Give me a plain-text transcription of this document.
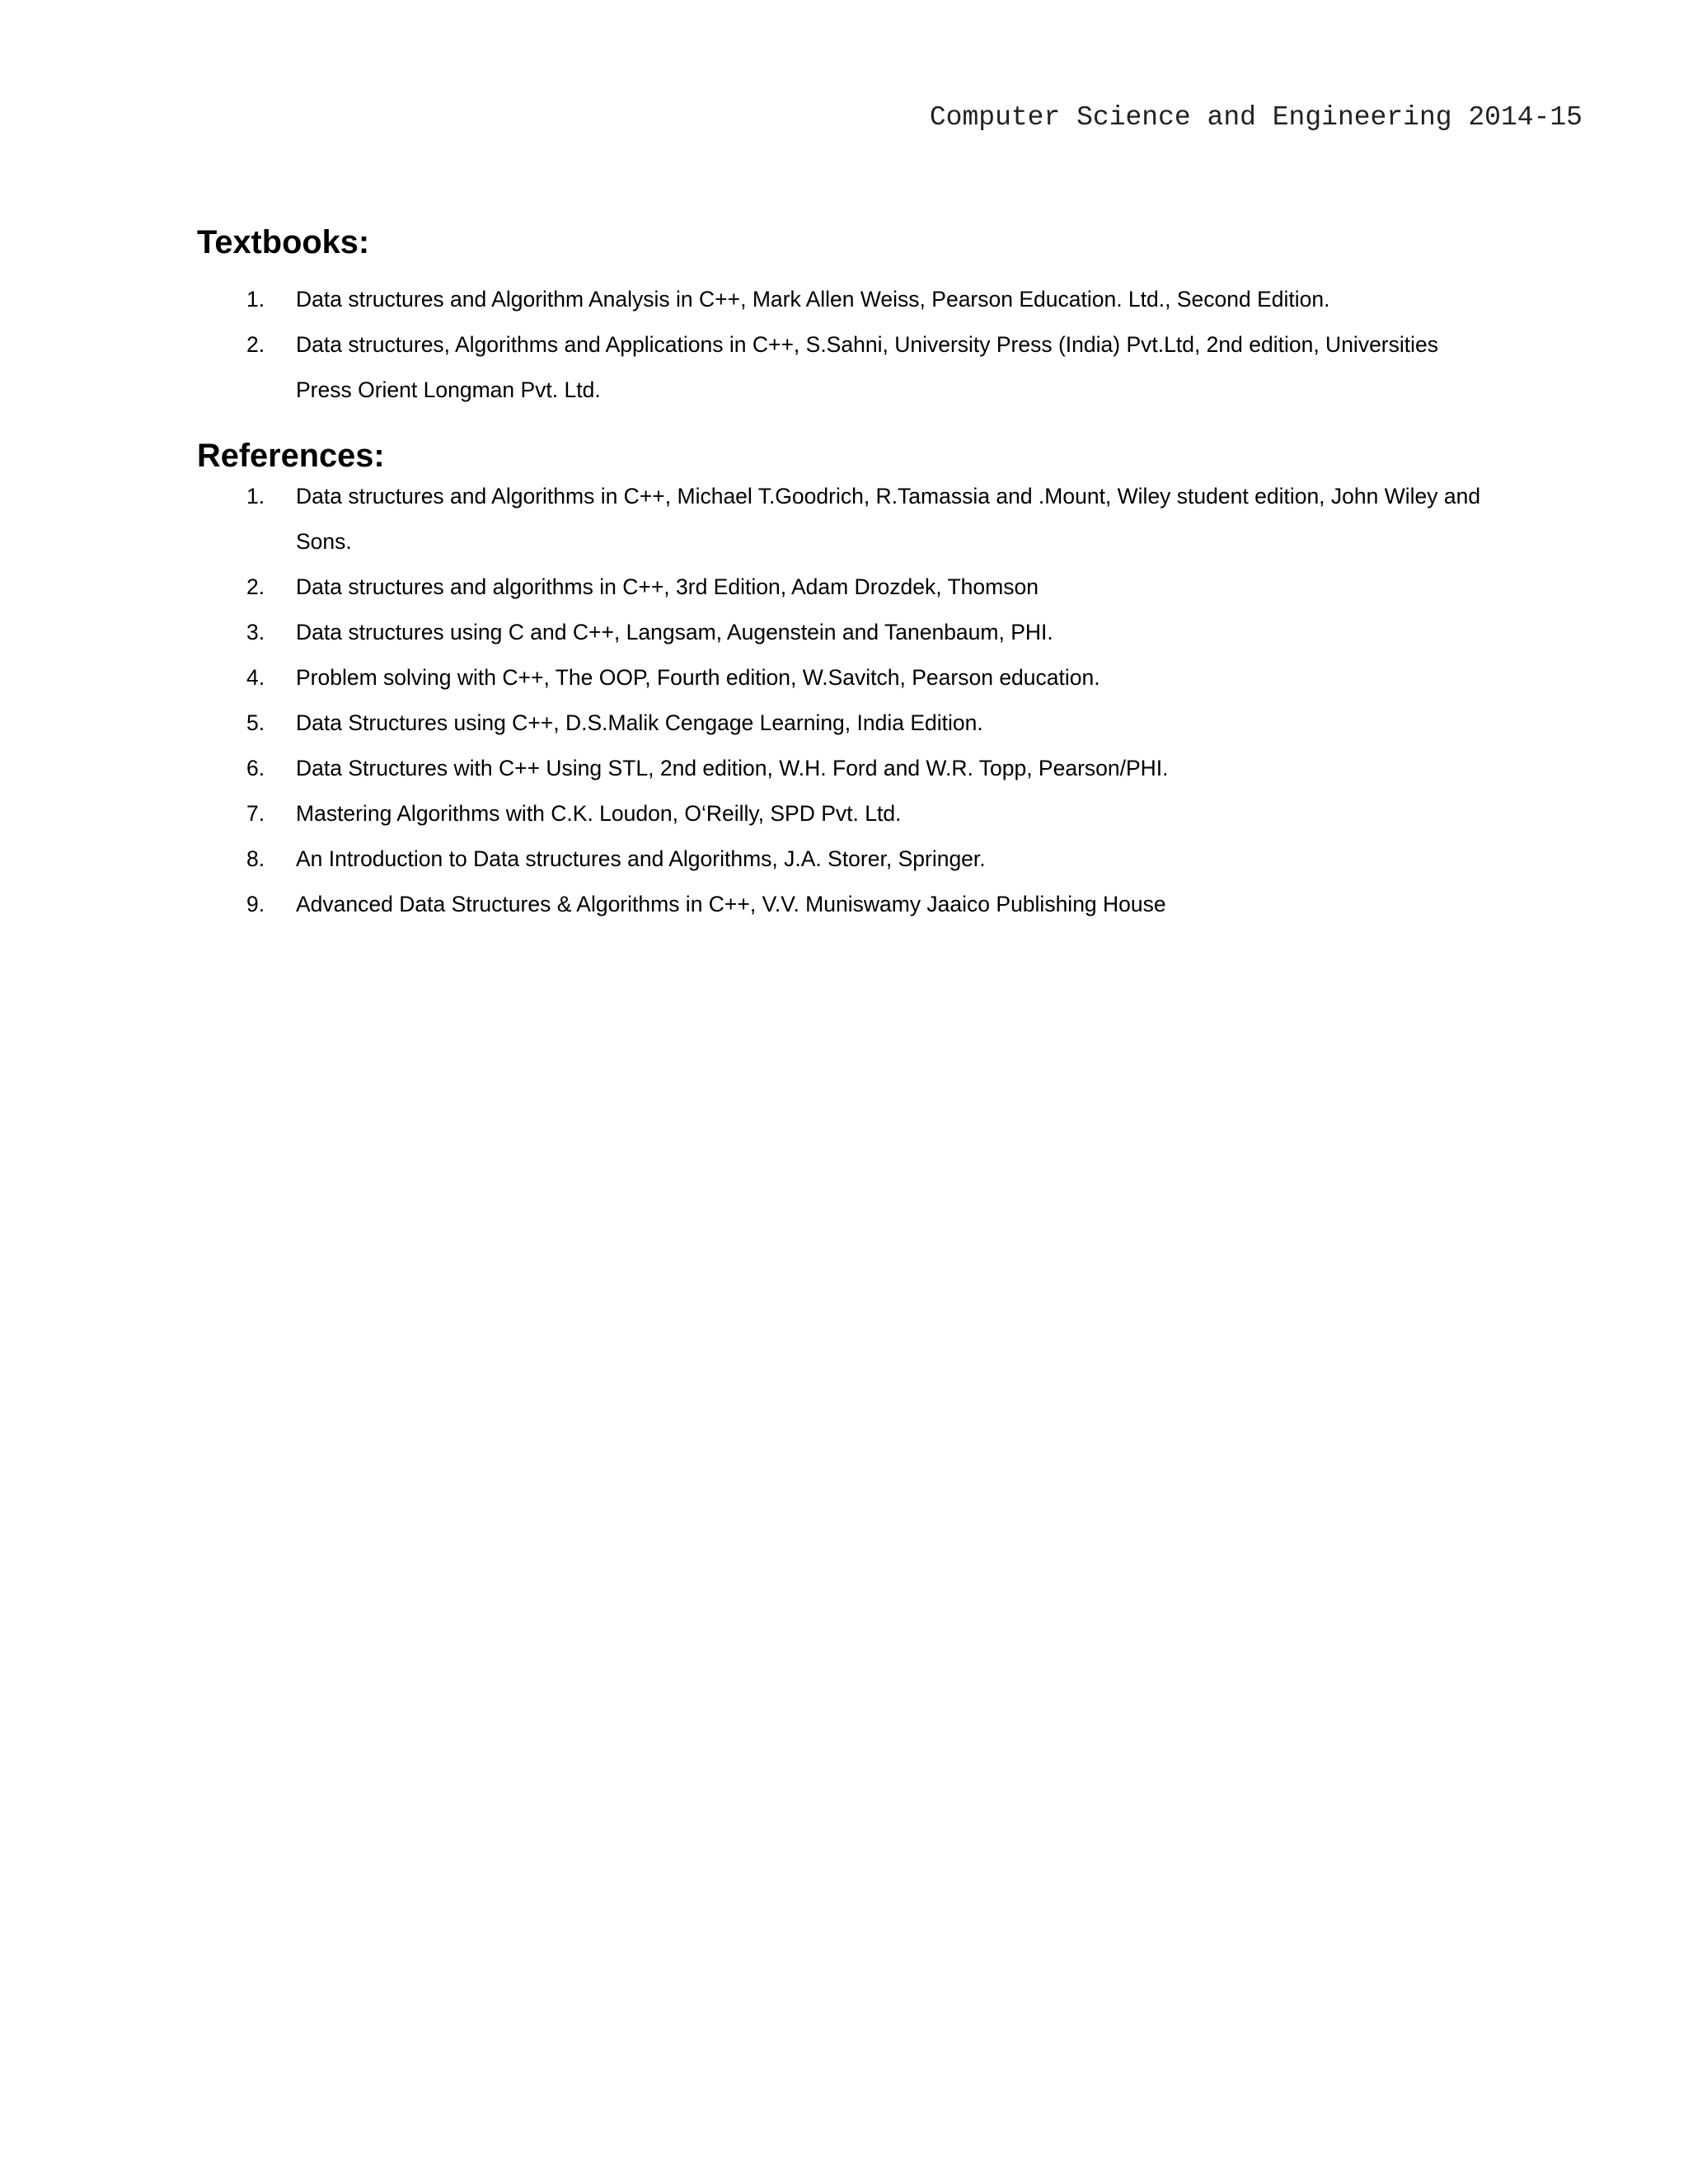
Computer Science and Engineering 2014-15
Textbooks:
1.	Data structures and Algorithm Analysis in C++, Mark Allen Weiss, Pearson Education. Ltd., Second Edition.
2.	Data structures, Algorithms and Applications in C++, S.Sahni, University Press (India) Pvt.Ltd, 2nd edition, Universities Press Orient Longman Pvt. Ltd.
References:
1.	Data structures and Algorithms in C++, Michael T.Goodrich, R.Tamassia and .Mount, Wiley student edition, John Wiley and Sons.
2.	Data structures and algorithms in C++, 3rd Edition, Adam Drozdek, Thomson
3.	Data structures using C and C++, Langsam, Augenstein and Tanenbaum, PHI.
4.	Problem solving with C++, The OOP, Fourth edition, W.Savitch, Pearson education.
5.	Data Structures using C++, D.S.Malik Cengage Learning, India Edition.
6.	Data Structures with C++ Using STL, 2nd edition, W.H. Ford and W.R. Topp, Pearson/PHI.
7.	Mastering Algorithms with C.K. Loudon, O‘Reilly, SPD Pvt. Ltd.
8.	An Introduction to Data structures and Algorithms, J.A. Storer, Springer.
9.	Advanced Data Structures & Algorithms in C++, V.V. Muniswamy Jaaico Publishing House
